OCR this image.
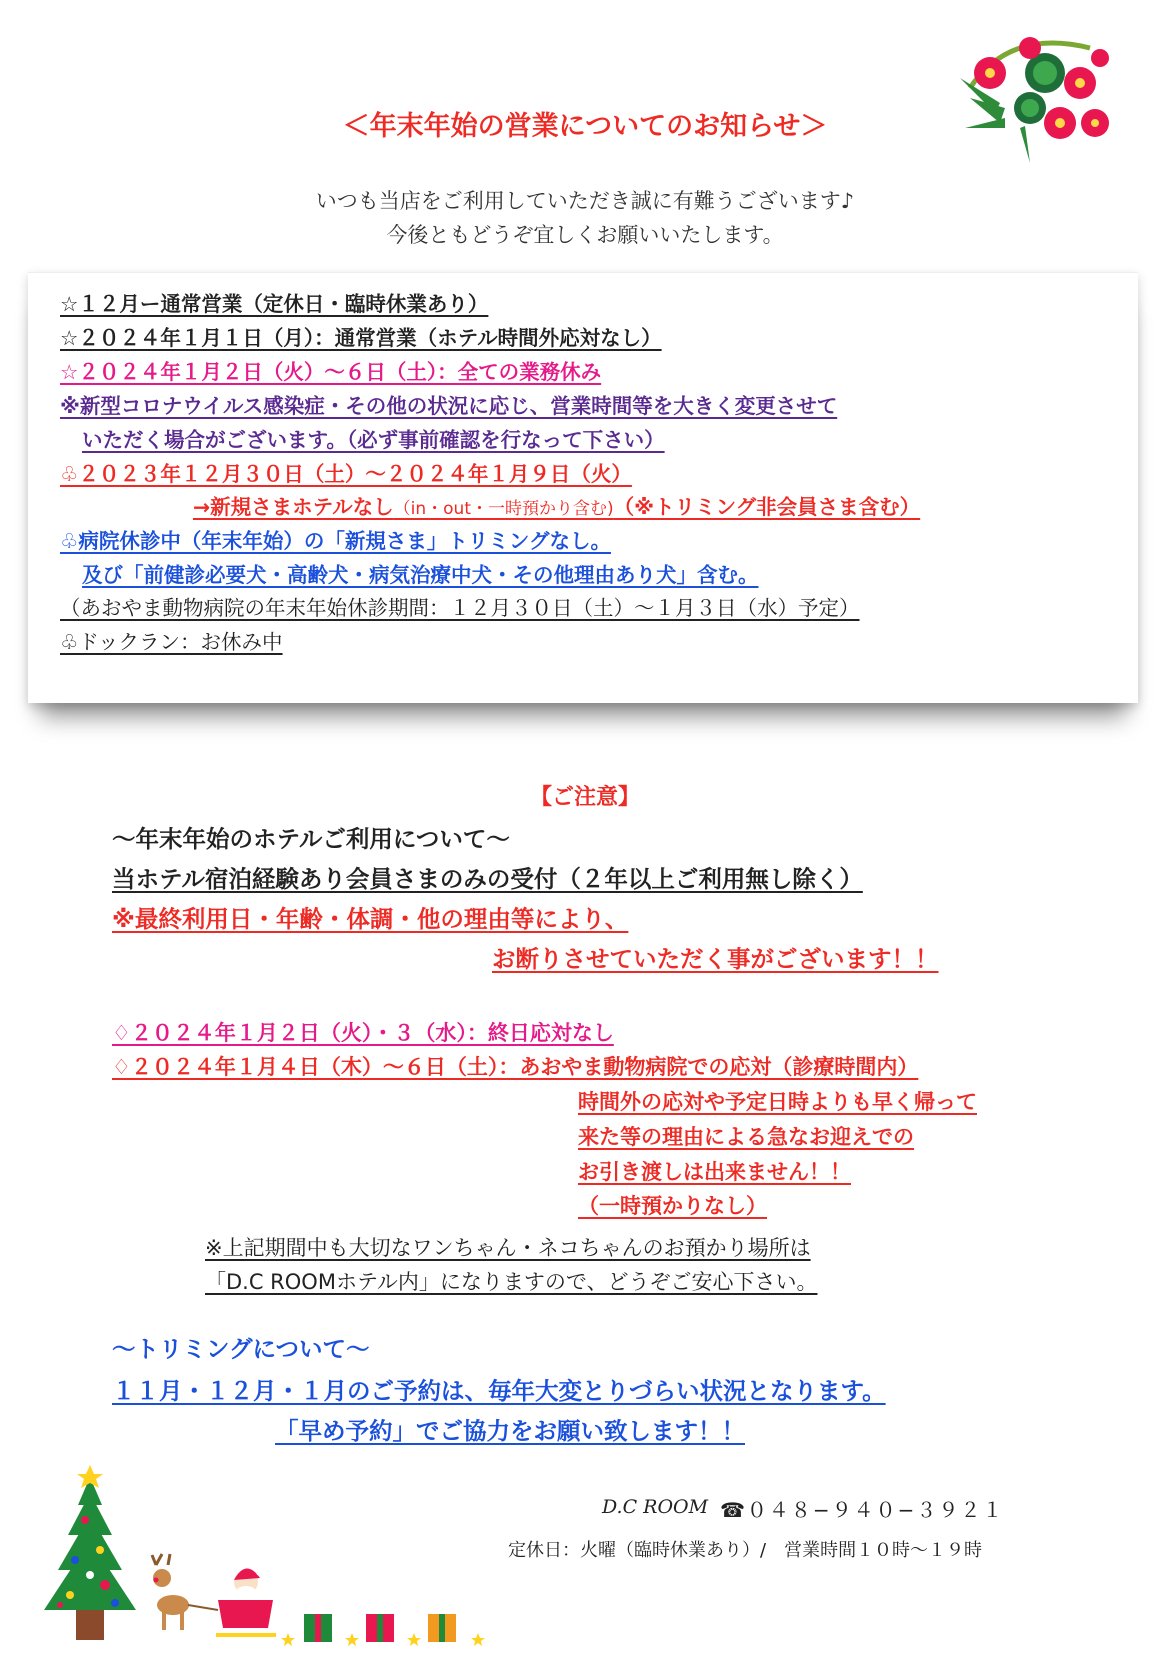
＜年末年始の営業についてのお知らせ＞
いつも当店をご利用していただき誠に有難うございます♪
今後ともどうぞ宜しくお願いいたします。
☆１２月ー通常営業（定休日・臨時休業あり）
☆２０２４年１月１日（月）：通常営業（ホテル時間外応対なし）
☆２０２４年１月２日（火）～６日（土）：全ての業務休み
※新型コロナウイルス感染症・その他の状況に応じ、営業時間等を大きく変更させて
いただく場合がございます。（必ず事前確認を行なって下さい）
♧２０２３年１２月３０日（土）～２０２４年１月９日（火）
→新規さまホテルなし（in・out・一時預かり含む)（※トリミング非会員さま含む）
♧病院休診中（年末年始）の「新規さま」トリミングなし。
及び「前健診必要犬・高齢犬・病気治療中犬・その他理由あり犬」含む。
（あおやま動物病院の年末年始休診期間：１２月３０日（土）～１月３日（水）予定）
♧ドックラン：お休み中
【ご注意】
～年末年始のホテルご利用について～
当ホテル宿泊経験あり会員さまのみの受付（２年以上ご利用無し除く）
※最終利用日・年齢・体調・他の理由等により、
お断りさせていただく事がございます！！
♢２０２４年１月２日（火）・３（水）：終日応対なし
♢２０２４年１月４日（木）～６日（土）：あおやま動物病院での応対（診療時間内）
時間外の応対や予定日時よりも早く帰って
来た等の理由による急なお迎えでの
お引き渡しは出来ません！！
（一時預かりなし）
※上記期間中も大切なワンちゃん・ネコちゃんのお預かり場所は
「D.C ROOMホテル内」になりますので、どうぞご安心下さい。
～トリミングについて～
１１月・１２月・１月のご予約は、毎年大変とりづらい状況となります。
「早め予約」でご協力をお願い致します！！
D.C ROOM ☎０４８−９４０−３９２１
定休日：火曜（臨時休業あり）/　営業時間１０時〜１９時
